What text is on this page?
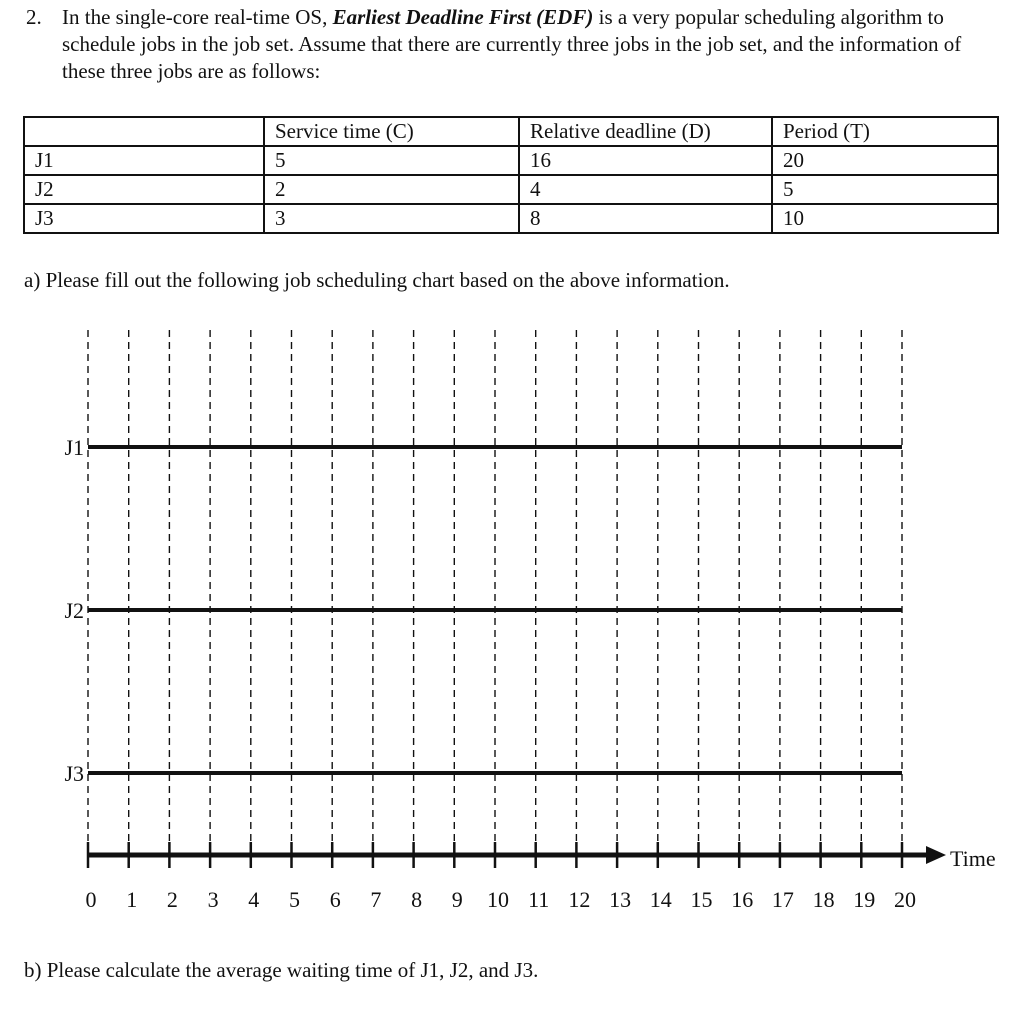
2. In the single-core real-time OS, Earliest Deadline First (EDF) is a very popular scheduling algorithm to schedule jobs in the job set. Assume that there are currently three jobs in the job set, and the information of these three jobs are as follows:
	Service time (C)	Relative deadline (D)	Period (T)
J1	5	16	20
J2	2	4	5
J3	3	8	10
a) Please fill out the following job scheduling chart based on the above information.
J1
J2
J3
Time
0 1 2 3 4 5 6 7 8 9 10 11 12 13 14 15 16 17 18 19 20
b) Please calculate the average waiting time of J1, J2, and J3.
